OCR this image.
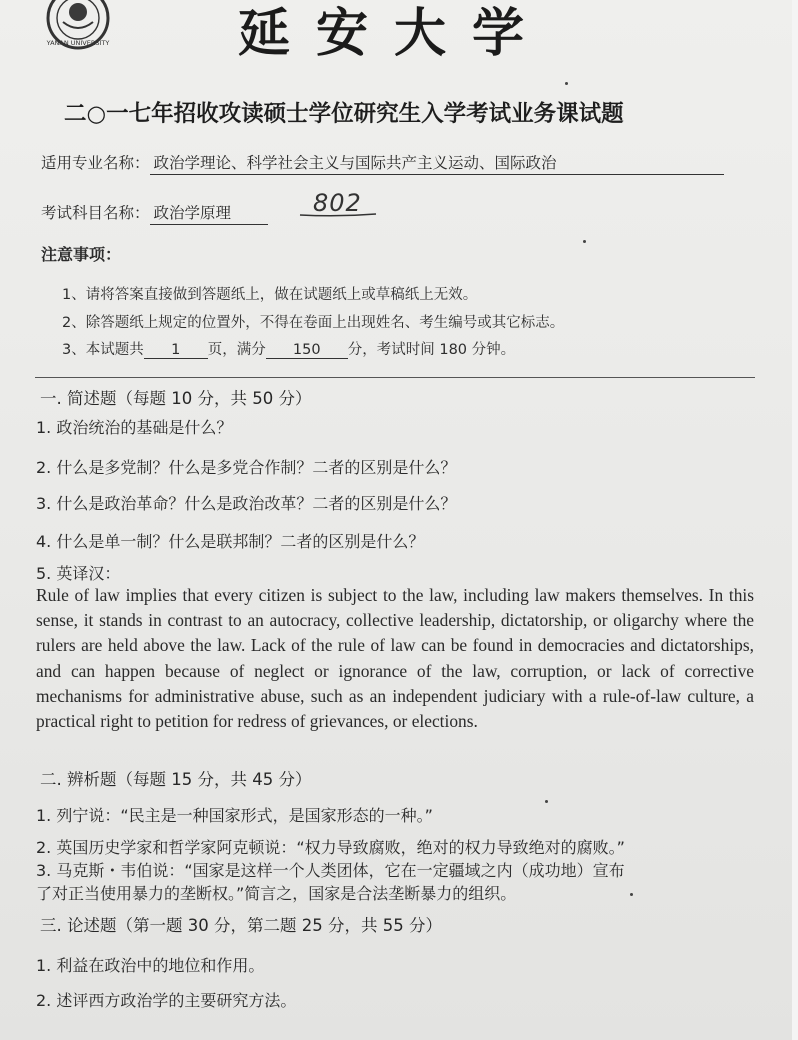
YANAN UNIVERSITY 延安大学
二○一七年招收攻读硕士学位研究生入学考试业务课试题
适用专业名称： 政治学理论、科学社会主义与国际共产主义运动、国际政治
考试科目名称： 政治学原理	802
注意事项：
1、请将答案直接做到答题纸上，做在试题纸上或草稿纸上无效。
2、除答题纸上规定的位置外，不得在卷面上出现姓名、考生编号或其它标志。
3、本试题共 1 页，满分 150 分，考试时间 180 分钟。
一. 简述题（每题 10 分，共 50 分）
1. 政治统治的基础是什么？
2. 什么是多党制？什么是多党合作制？二者的区别是什么？
3. 什么是政治革命？什么是政治改革？二者的区别是什么？
4. 什么是单一制？什么是联邦制？二者的区别是什么？
5. 英译汉：
Rule of law implies that every citizen is subject to the law, including law makers themselves. In this sense, it stands in contrast to an autocracy, collective leadership, dictatorship, or oligarchy where the rulers are held above the law. Lack of the rule of law can be found in democracies and dictatorships, and can happen because of neglect or ignorance of the law, corruption, or lack of corrective mechanisms for administrative abuse, such as an independent judiciary with a rule-of-law culture, a practical right to petition for redress of grievances, or elections.
二. 辨析题（每题 15 分，共 45 分）
1. 列宁说：“民主是一种国家形式，是国家形态的一种。”
2. 英国历史学家和哲学家阿克顿说：“权力导致腐败，绝对的权力导致绝对的腐败。”
3. 马克斯・韦伯说：“国家是这样一个人类团体，它在一定疆域之内（成功地）宣布
了对正当使用暴力的垄断权。”简言之，国家是合法垄断暴力的组织。
三. 论述题（第一题 30 分，第二题 25 分，共 55 分）
1. 利益在政治中的地位和作用。
2. 述评西方政治学的主要研究方法。
